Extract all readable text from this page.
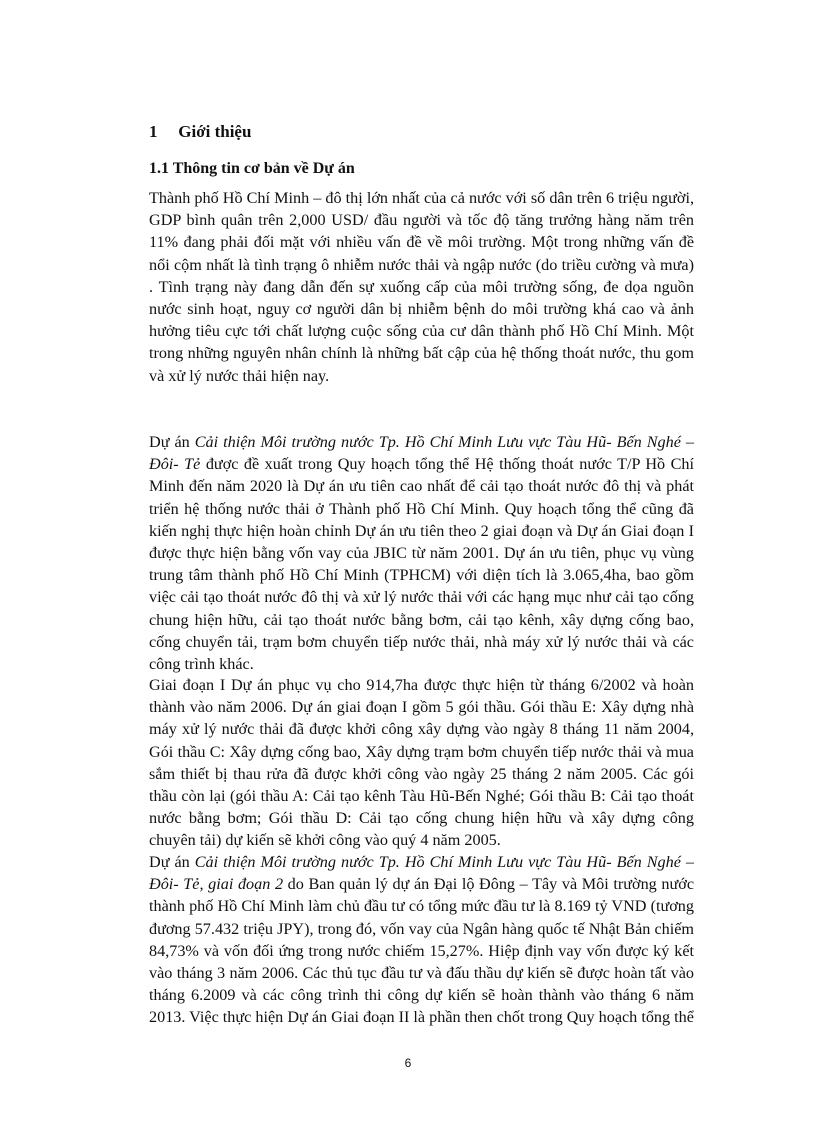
1 Giới thiệu
1.1 Thông tin cơ bản về Dự án

Thành phố Hồ Chí Minh – đô thị lớn nhất của cả nước với số dân trên 6 triệu người, GDP bình quân trên 2,000 USD/ đầu người và tốc độ tăng trưởng hàng năm trên 11% đang phải đối mặt với nhiều vấn đề về môi trường. Một trong những vấn đề nổi cộm nhất là tình trạng ô nhiễm nước thải và ngập nước (do triều cường và mưa) . Tình trạng này đang dẫn đến sự xuống cấp của môi trường sống, đe dọa nguồn nước sinh hoạt, nguy cơ người dân bị nhiễm bệnh do môi trường khá cao và ảnh hưởng tiêu cực tới chất lượng cuộc sống của cư dân thành phố Hồ Chí Minh. Một trong những nguyên nhân chính là những bất cập của hệ thống thoát nước, thu gom và xử lý nước thải hiện nay.

Dự án Cải thiện Môi trường nước Tp. Hồ Chí Minh Lưu vực Tàu Hũ- Bến Nghé – Đôi- Tẻ được đề xuất trong Quy hoạch tổng thể Hệ thống thoát nước T/P Hồ Chí Minh đến năm 2020 là Dự án ưu tiên cao nhất để cải tạo thoát nước đô thị và phát triển hệ thống nước thải ở Thành phố Hồ Chí Minh. Quy hoạch tổng thể cũng đã kiến nghị thực hiện hoàn chỉnh Dự án ưu tiên theo 2 giai đoạn và Dự án Giai đoạn I được thực hiện bằng vốn vay của JBIC từ năm 2001. Dự án ưu tiên, phục vụ vùng trung tâm thành phố Hồ Chí Minh (TPHCM) với diện tích là 3.065,4ha, bao gồm việc cải tạo thoát nước đô thị và xử lý nước thải với các hạng mục như cải tạo cống chung hiện hữu, cải tạo thoát nước bằng bơm, cải tạo kênh, xây dựng cống bao, cống chuyển tải, trạm bơm chuyển tiếp nước thải, nhà máy xử lý nước thải và các công trình khác.

Giai đoạn I Dự án phục vụ cho 914,7ha được thực hiện từ tháng 6/2002 và hoàn thành vào năm 2006. Dự án giai đoạn I gồm 5 gói thầu. Gói thầu E: Xây dựng nhà máy xử lý nước thải đã được khởi công xây dựng vào ngày 8 tháng 11 năm 2004, Gói thầu C: Xây dựng cống bao, Xây dựng trạm bơm chuyển tiếp nước thải và mua sắm thiết bị thau rửa đã được khởi công vào ngày 25 tháng 2 năm 2005. Các gói thầu còn lại (gói thầu A: Cải tạo kênh Tàu Hũ-Bến Nghé; Gói thầu B: Cải tạo thoát nước bằng bơm; Gói thầu D: Cải tạo cống chung hiện hữu và xây dựng công chuyên tải) dự kiến sẽ khởi công vào quý 4 năm 2005.

Dự án Cải thiện Môi trường nước Tp. Hồ Chí Minh Lưu vực Tàu Hũ- Bến Nghé – Đôi- Tẻ, giai đoạn 2 do Ban quản lý dự án Đại lộ Đông – Tây và Môi trường nước thành phố Hồ Chí Minh làm chủ đầu tư có tổng mức đầu tư là 8.169 tỷ VND (tương đương 57.432 triệu JPY), trong đó, vốn vay của Ngân hàng quốc tế Nhật Bản chiếm 84,73% và vốn đối ứng trong nước chiếm 15,27%. Hiệp định vay vốn được ký kết vào tháng 3 năm 2006. Các thủ tục đầu tư và đấu thầu dự kiến sẽ được hoàn tất vào tháng 6.2009 và các công trình thi công dự kiến sẽ hoàn thành vào tháng 6 năm 2013. Việc thực hiện Dự án Giai đoạn II là phần then chốt trong Quy hoạch tổng thể

6
